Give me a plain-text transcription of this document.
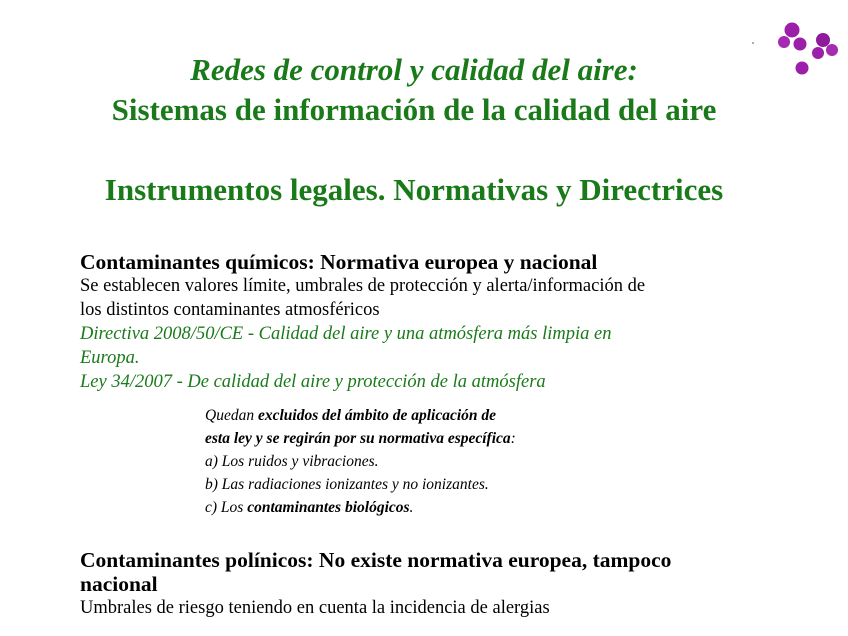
Redes de control y calidad del aire:
Sistemas de información de la calidad del aire
Instrumentos legales. Normativas y Directrices
Contaminantes químicos: Normativa europea y nacional
Se establecen valores límite, umbrales de protección y alerta/información de
los distintos contaminantes atmosféricos
Directiva 2008/50/CE - Calidad del aire y una atmósfera más limpia en
Europa.
Ley 34/2007 - De calidad del aire y protección de la atmósfera
Quedan excluidos del ámbito de aplicación de
esta ley y se regirán por su normativa específica:
a) Los ruidos y vibraciones.
b) Las radiaciones ionizantes y no ionizantes.
c) Los contaminantes biológicos.
Contaminantes polínicos: No existe normativa europea, tampoco
nacional
Umbrales de riesgo teniendo en cuenta la incidencia de alergias
